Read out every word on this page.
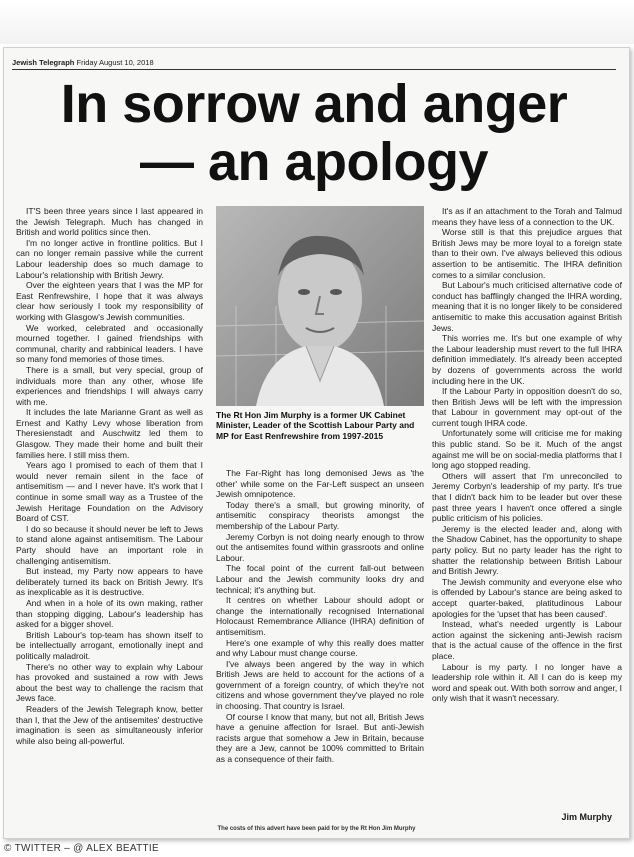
Jewish Telegraph Friday August 10, 2018
In sorrow and anger
— an apology

IT'S been three years since I last appeared in the Jewish Telegraph. Much has changed in British and world politics since then.

I'm no longer active in frontline politics. But I can no longer remain passive while the current Labour leadership does so much damage to Labour's relationship with British Jewry.

Over the eighteen years that I was the MP for East Renfrewshire, I hope that it was always clear how seriously I took my responsibility of working with Glasgow's Jewish communities.

We worked, celebrated and occasionally mourned together. I gained friendships with communal, charity and rabbinical leaders. I have so many fond memories of those times.

There is a small, but very special, group of individuals more than any other, whose life experiences and friendships I will always carry with me.

It includes the late Marianne Grant as well as Ernest and Kathy Levy whose liberation from Theresienstadt and Auschwitz led them to Glasgow. They made their home and built their families here. I still miss them.

Years ago I promised to each of them that I would never remain silent in the face of antisemitism — and I never have. It's work that I continue in some small way as a Trustee of the Jewish Heritage Foundation on the Advisory Board of CST.

I do so because it should never be left to Jews to stand alone against antisemitism. The Labour Party should have an important role in challenging antisemitism.

But instead, my Party now appears to have deliberately turned its back on British Jewry. It's as inexplicable as it is destructive.

And when in a hole of its own making, rather than stopping digging, Labour's leadership has asked for a bigger shovel.

British Labour's top-team has shown itself to be intellectually arrogant, emotionally inept and politically maladroit.

There's no other way to explain why Labour has provoked and sustained a row with Jews about the best way to challenge the racism that Jews face.

Readers of the Jewish Telegraph know, better than I, that the Jew of the antisemites' destructive imagination is seen as simultaneously inferior while also being all-powerful.

The Rt Hon Jim Murphy is a former UK Cabinet Minister, Leader of the Scottish Labour Party and MP for East Renfrewshire from 1997-2015

The Far-Right has long demonised Jews as 'the other' while some on the Far-Left suspect an unseen Jewish omnipotence.

Today there's a small, but growing minority, of antisemitic conspiracy theorists amongst the membership of the Labour Party.

Jeremy Corbyn is not doing nearly enough to throw out the antisemites found within grassroots and online Labour.

The focal point of the current fall-out between Labour and the Jewish community looks dry and technical; it's anything but.

It centres on whether Labour should adopt or change the internationally recognised International Holocaust Remembrance Alliance (IHRA) definition of antisemitism.

Here's one example of why this really does matter and why Labour must change course.

I've always been angered by the way in which British Jews are held to account for the actions of a government of a foreign country, of which they're not citizens and whose government they've played no role in choosing. That country is Israel.

Of course I know that many, but not all, British Jews have a genuine affection for Israel. But anti-Jewish racists argue that somehow a Jew in Britain, because they are a Jew, cannot be 100% committed to Britain as a consequence of their faith.

It's as if an attachment to the Torah and Talmud means they have less of a connection to the UK.

Worse still is that this prejudice argues that British Jews may be more loyal to a foreign state than to their own. I've always believed this odious assertion to be antisemitic. The IHRA definition comes to a similar conclusion.

But Labour's much criticised alternative code of conduct has bafflingly changed the IHRA wording, meaning that it is no longer likely to be considered antisemitic to make this accusation against British Jews.

This worries me. It's but one example of why the Labour leadership must revert to the full IHRA definition immediately. It's already been accepted by dozens of governments across the world including here in the UK.

If the Labour Party in opposition doesn't do so, then British Jews will be left with the impression that Labour in government may opt-out of the current tough IHRA code.

Unfortunately some will criticise me for making this public stand. So be it. Much of the angst against me will be on social-media platforms that I long ago stopped reading.

Others will assert that I'm unreconciled to Jeremy Corbyn's leadership of my party. It's true that I didn't back him to be leader but over these past three years I haven't once offered a single public criticism of his policies.

Jeremy is the elected leader and, along with the Shadow Cabinet, has the opportunity to shape party policy. But no party leader has the right to shatter the relationship between British Labour and British Jewry.

The Jewish community and everyone else who is offended by Labour's stance are being asked to accept quarter-baked, platitudinous Labour apologies for the 'upset that has been caused'.

Instead, what's needed urgently is Labour action against the sickening anti-Jewish racism that is the actual cause of the offence in the first place.

Labour is my party. I no longer have a leadership role within it. All I can do is keep my word and speak out. With both sorrow and anger, I only wish that it wasn't necessary.

Jim Murphy
The costs of this advert have been paid for by the Rt Hon Jim Murphy
© TWITTER – @ ALEX BEATTIE
